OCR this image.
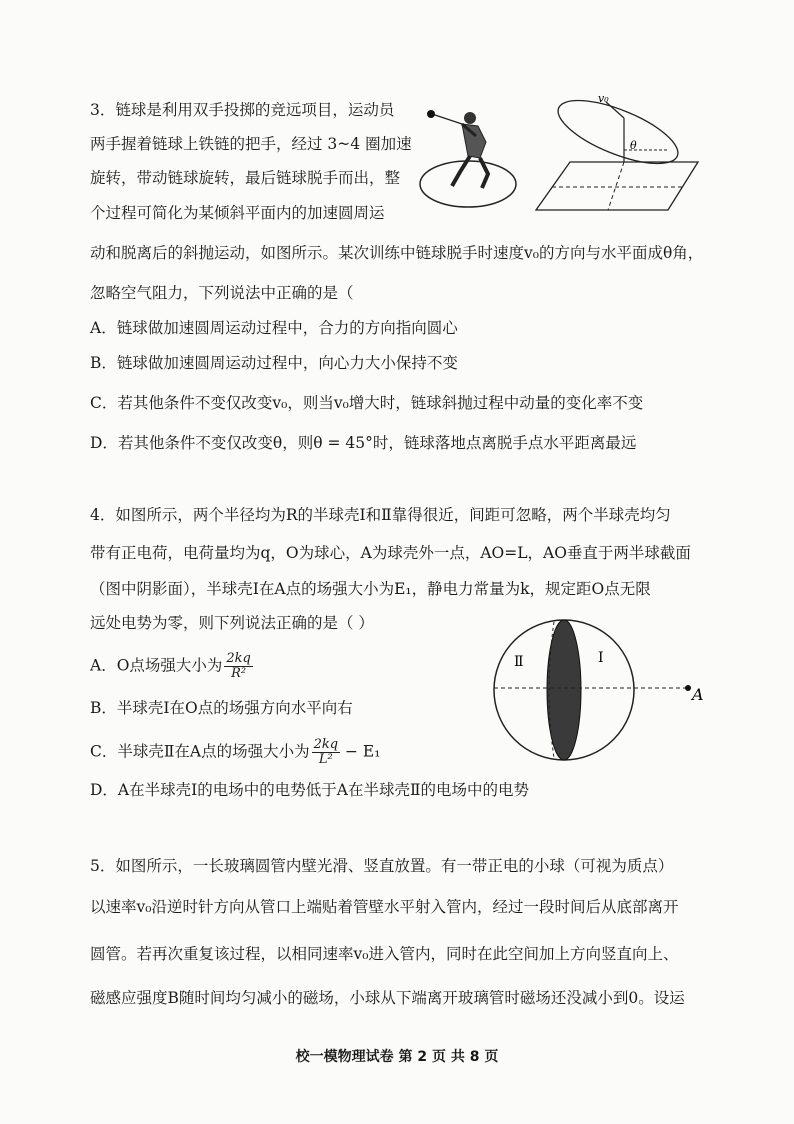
3．链球是利用双手投掷的竞远项目，运动员
两手握着链球上铁链的把手，经过 3~4 圈加速
旋转，带动链球旋转，最后链球脱手而出，整
个过程可简化为某倾斜平面内的加速圆周运
动和脱离后的斜抛运动，如图所示。某次训练中链球脱手时速度v₀的方向与水平面成θ角，
忽略空气阻力，下列说法中正确的是（
A．链球做加速圆周运动过程中，合力的方向指向圆心
B．链球做加速圆周运动过程中，向心力大小保持不变
C．若其他条件不变仅改变v₀，则当v₀增大时，链球斜抛过程中动量的变化率不变
D．若其他条件不变仅改变θ，则θ = 45°时，链球落地点离脱手点水平距离最远
v₀
θ
4．如图所示，两个半径均为R的半球壳Ⅰ和Ⅱ靠得很近，间距可忽略，两个半球壳均匀
带有正电荷，电荷量均为q，O为球心，A为球壳外一点，AO=L，AO垂直于两半球截面
（图中阴影面），半球壳Ⅰ在A点的场强大小为E₁，静电力常量为k，规定距O点无限
远处电势为零，则下列说法正确的是（ ）
A．O点场强大小为 $\frac{2kq}{\text{R²}}$
B．半球壳Ⅰ在O点的场强方向水平向右
C．半球壳Ⅱ在A点的场强大小为 $\frac{2kq}{\text{L²}} - E_1$
D．A在半球壳Ⅰ的电场中的电势低于A在半球壳Ⅱ的电场中的电势
Ⅱ	Ⅰ
A
5．如图所示，一长玻璃圆管内壁光滑、竖直放置。有一带正电的小球（可视为质点）
以速率v₀沿逆时针方向从管口上端贴着管壁水平射入管内，经过一段时间后从底部离开
圆管。若再次重复该过程，以相同速率v₀进入管内，同时在此空间加上方向竖直向上、
磁感应强度B随时间均匀减小的磁场，小球从下端离开玻璃管时磁场还没减小到0。设运
校一模物理试卷 第 2 页 共 8 页
